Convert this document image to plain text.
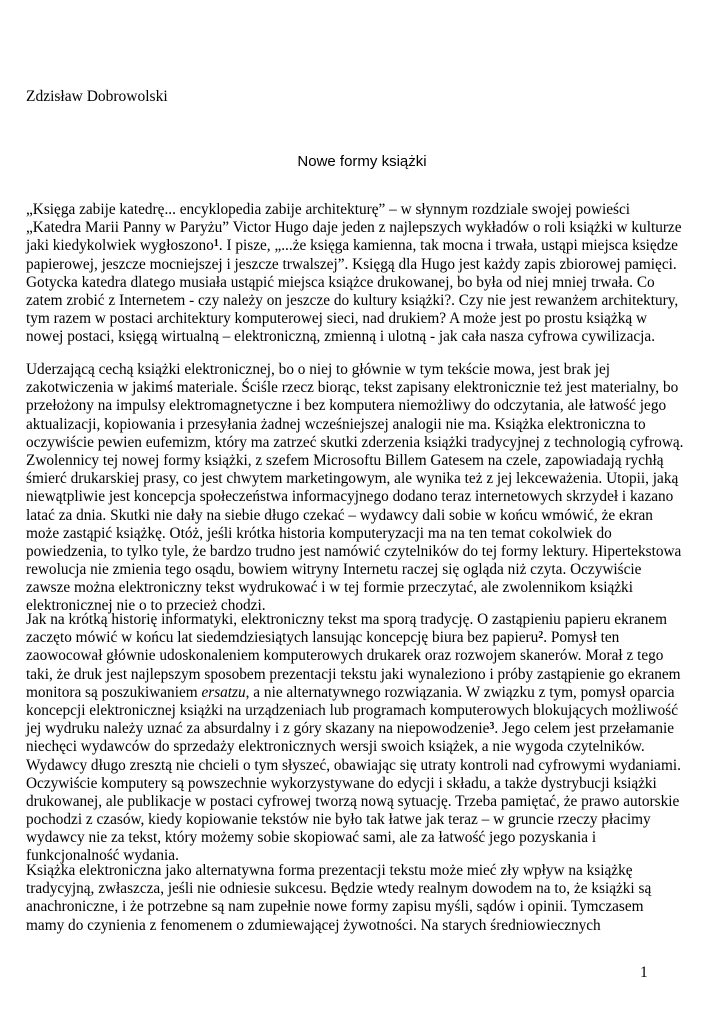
Zdzisław Dobrowolski
Nowe formy książki
„Księga zabije katedrę... encyklopedia zabije architekturę” – w słynnym rozdziale swojej powieści
„Katedra Marii Panny w Paryżu” Victor Hugo daje jeden z najlepszych wykładów o roli książki w kulturze
jaki kiedykolwiek wygłoszono$^1$. I pisze, „...że księga kamienna, tak mocna i trwała, ustąpi miejsca księdze
papierowej, jeszcze mocniejszej i jeszcze trwalszej”. Księgą dla Hugo jest każdy zapis zbiorowej pamięci.
Gotycka katedra dlatego musiała ustąpić miejsca książce drukowanej, bo była od niej mniej trwała. Co
zatem zrobić z Internetem - czy należy on jeszcze do kultury książki?. Czy nie jest rewanżem architektury,
tym razem w postaci architektury komputerowej sieci, nad drukiem? A może jest po prostu książką w
nowej postaci, księgą wirtualną – elektroniczną, zmienną i ulotną - jak cała nasza cyfrowa cywilizacja.
Uderzającą cechą książki elektronicznej, bo o niej to głównie w tym tekście mowa, jest brak jej
zakotwiczenia w jakimś materiale. Ściśle rzecz biorąc, tekst zapisany elektronicznie też jest materialny, bo
przełożony na impulsy elektromagnetyczne i bez komputera niemożliwy do odczytania, ale łatwość jego
aktualizacji, kopiowania i przesyłania żadnej wcześniejszej analogii nie ma. Książka elektroniczna to
oczywiście pewien eufemizm, który ma zatrzeć skutki zderzenia książki tradycyjnej z technologią cyfrową.
Zwolennicy tej nowej formy książki, z szefem Microsoftu Billem Gatesem na czele, zapowiadają rychłą
śmierć drukarskiej prasy, co jest chwytem marketingowym, ale wynika też z jej lekceważenia. Utopii, jaką
niewątpliwie jest koncepcja społeczeństwa informacyjnego dodano teraz internetowych skrzydeł i kazano
latać za dnia. Skutki nie dały na siebie długo czekać – wydawcy dali sobie w końcu wmówić, że ekran
może zastąpić książkę. Otóż, jeśli krótka historia komputeryzacji ma na ten temat cokolwiek do
powiedzenia, to tylko tyle, że bardzo trudno jest namówić czytelników do tej formy lektury. Hipertekstowa
rewolucja nie zmienia tego osądu, bowiem witryny Internetu raczej się ogląda niż czyta. Oczywiście
zawsze można elektroniczny tekst wydrukować i w tej formie przeczytać, ale zwolennikom książki
elektronicznej nie o to przecież chodzi.
Jak na krótką historię informatyki, elektroniczny tekst ma sporą tradycję. O zastąpieniu papieru ekranem
zaczęto mówić w końcu lat siedemdziesiątych lansując koncepcję biura bez papieru$^2$. Pomysł ten
zaowocował głównie udoskonaleniem komputerowych drukarek oraz rozwojem skanerów. Morał z tego
taki, że druk jest najlepszym sposobem prezentacji tekstu jaki wynaleziono i próby zastąpienie go ekranem
monitora są poszukiwaniem ersatzu, a nie alternatywnego rozwiązania. W związku z tym, pomysł oparcia
koncepcji elektronicznej książki na urządzeniach lub programach komputerowych blokujących możliwość
jej wydruku należy uznać za absurdalny i z góry skazany na niepowodzenie$^3$. Jego celem jest przełamanie
niechęci wydawców do sprzedaży elektronicznych wersji swoich książek, a nie wygoda czytelników.
Wydawcy długo zresztą nie chcieli o tym słyszeć, obawiając się utraty kontroli nad cyfrowymi wydaniami.
Oczywiście komputery są powszechnie wykorzystywane do edycji i składu, a także dystrybucji książki
drukowanej, ale publikacje w postaci cyfrowej tworzą nową sytuację. Trzeba pamiętać, że prawo autorskie
pochodzi z czasów, kiedy kopiowanie tekstów nie było tak łatwe jak teraz – w gruncie rzeczy płacimy
wydawcy nie za tekst, który możemy sobie skopiować sami, ale za łatwość jego pozyskania i
funkcjonalność wydania.
Książka elektroniczna jako alternatywna forma prezentacji tekstu może mieć zły wpływ na książkę
tradycyjną, zwłaszcza, jeśli nie odniesie sukcesu. Będzie wtedy realnym dowodem na to, że książki są
anachroniczne, i że potrzebne są nam zupełnie nowe formy zapisu myśli, sądów i opinii. Tymczasem
mamy do czynienia z fenomenem o zdumiewającej żywotności. Na starych średniowiecznych
1
